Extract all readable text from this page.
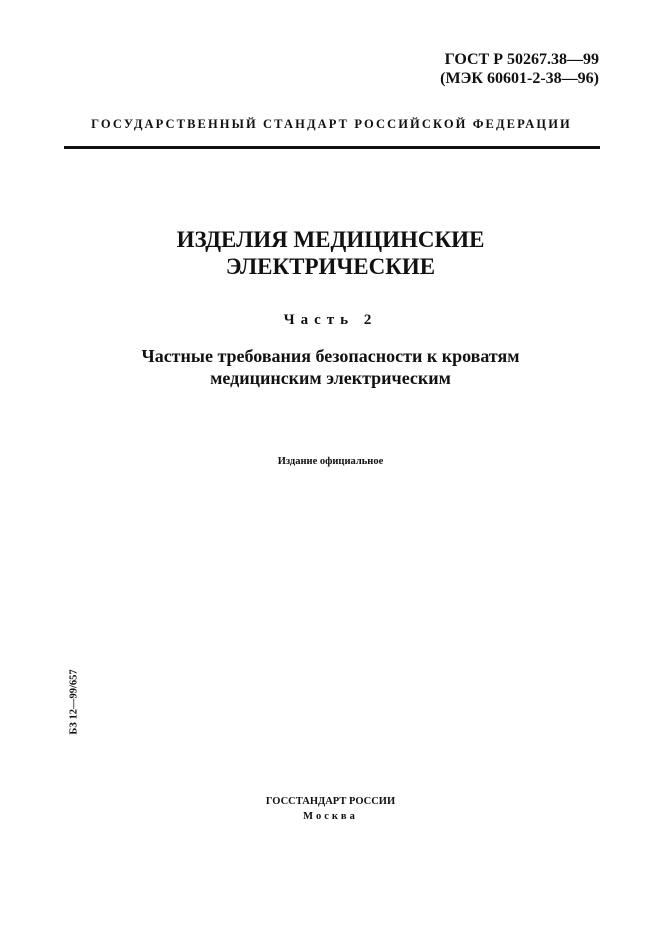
ГОСТ Р 50267.38—99
(МЭК 60601-2-38—96)
ГОСУДАРСТВЕННЫЙ СТАНДАРТ РОССИЙСКОЙ ФЕДЕРАЦИИ
ИЗДЕЛИЯ МЕДИЦИНСКИЕ
ЭЛЕКТРИЧЕСКИЕ
Часть 2
Частные требования безопасности к кроватям
медицинским электрическим
Издание официальное
БЗ 12—99/657
ГОССТАНДАРТ РОССИИ
Москва
